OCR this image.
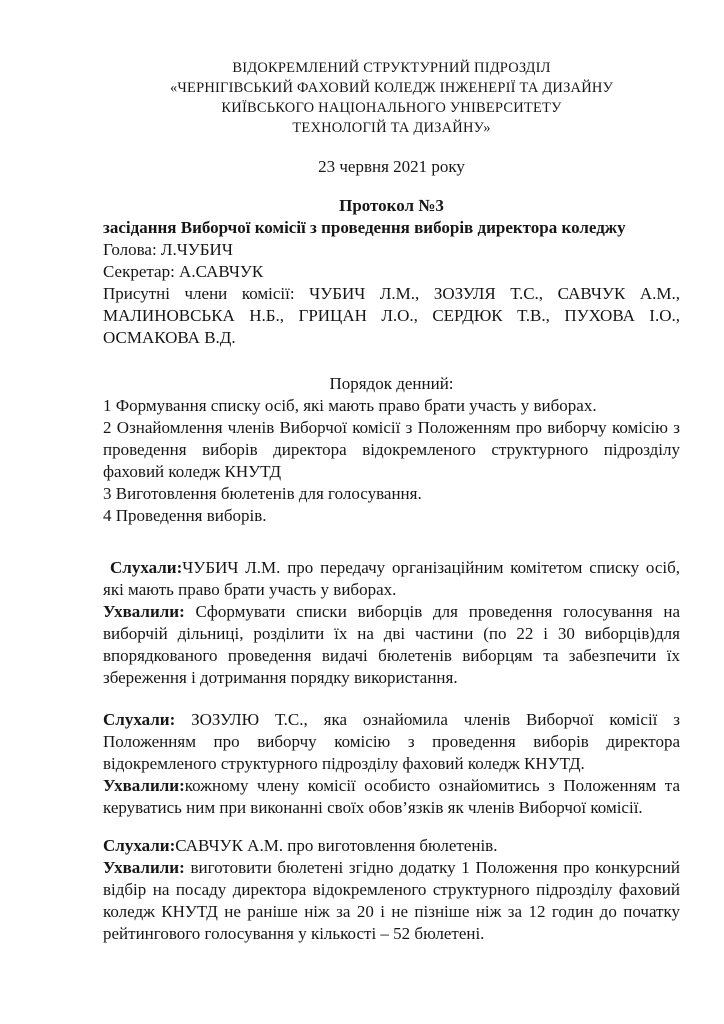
ВІДОКРЕМЛЕНИЙ СТРУКТУРНИЙ ПІДРОЗДІЛ
«ЧЕРНІГІВСЬКИЙ ФАХОВИЙ КОЛЕДЖ ІНЖЕНЕРІЇ ТА ДИЗАЙНУ
КИЇВСЬКОГО НАЦІОНАЛЬНОГО УНІВЕРСИТЕТУ
ТЕХНОЛОГІЙ ТА ДИЗАЙНУ»

23 червня 2021 року

Протокол №3

засідання Виборчої комісії з проведення виборів директора коледжу

Голова: Л.ЧУБИЧ

Секретар: А.САВЧУК

Присутні члени комісії: ЧУБИЧ Л.М., ЗОЗУЛЯ Т.С., САВЧУК А.М., МАЛИНОВСЬКА Н.Б., ГРИЦАН Л.О., СЕРДЮК Т.В., ПУХОВА І.О., ОСМАКОВА В.Д.

Порядок денний:

1 Формування списку осіб, які мають право брати участь у виборах.

2 Ознайомлення членів Виборчої комісії з Положенням про виборчу комісію з проведення виборів директора відокремленого структурного підрозділу фаховий коледж КНУТД

3 Виготовлення бюлетенів для голосування.

4 Проведення виборів.

Слухали:ЧУБИЧ Л.М. про передачу організаційним комітетом списку осіб, які мають право брати участь у виборах.

Ухвалили: Сформувати списки виборців для проведення голосування на виборчій дільниці, розділити їх на дві частини (по 22 і 30 виборців)для впорядкованого проведення видачі бюлетенів виборцям та забезпечити їх збереження і дотримання порядку використання.

Слухали: ЗОЗУЛЮ Т.С., яка ознайомила членів Виборчої комісії з Положенням про виборчу комісію з проведення виборів директора відокремленого структурного підрозділу фаховий коледж КНУТД.

Ухвалили:кожному члену комісії особисто ознайомитись з Положенням та керуватись ним при виконанні своїх обов’язків як членів Виборчої комісії.

Слухали:САВЧУК А.М. про виготовлення бюлетенів.

Ухвалили: виготовити бюлетені згідно додатку 1 Положення про конкурсний відбір на посаду директора відокремленого структурного підрозділу фаховий коледж КНУТД не раніше ніж за 20 і не пізніше ніж за 12 годин до початку рейтингового голосування у кількості – 52 бюлетені.
